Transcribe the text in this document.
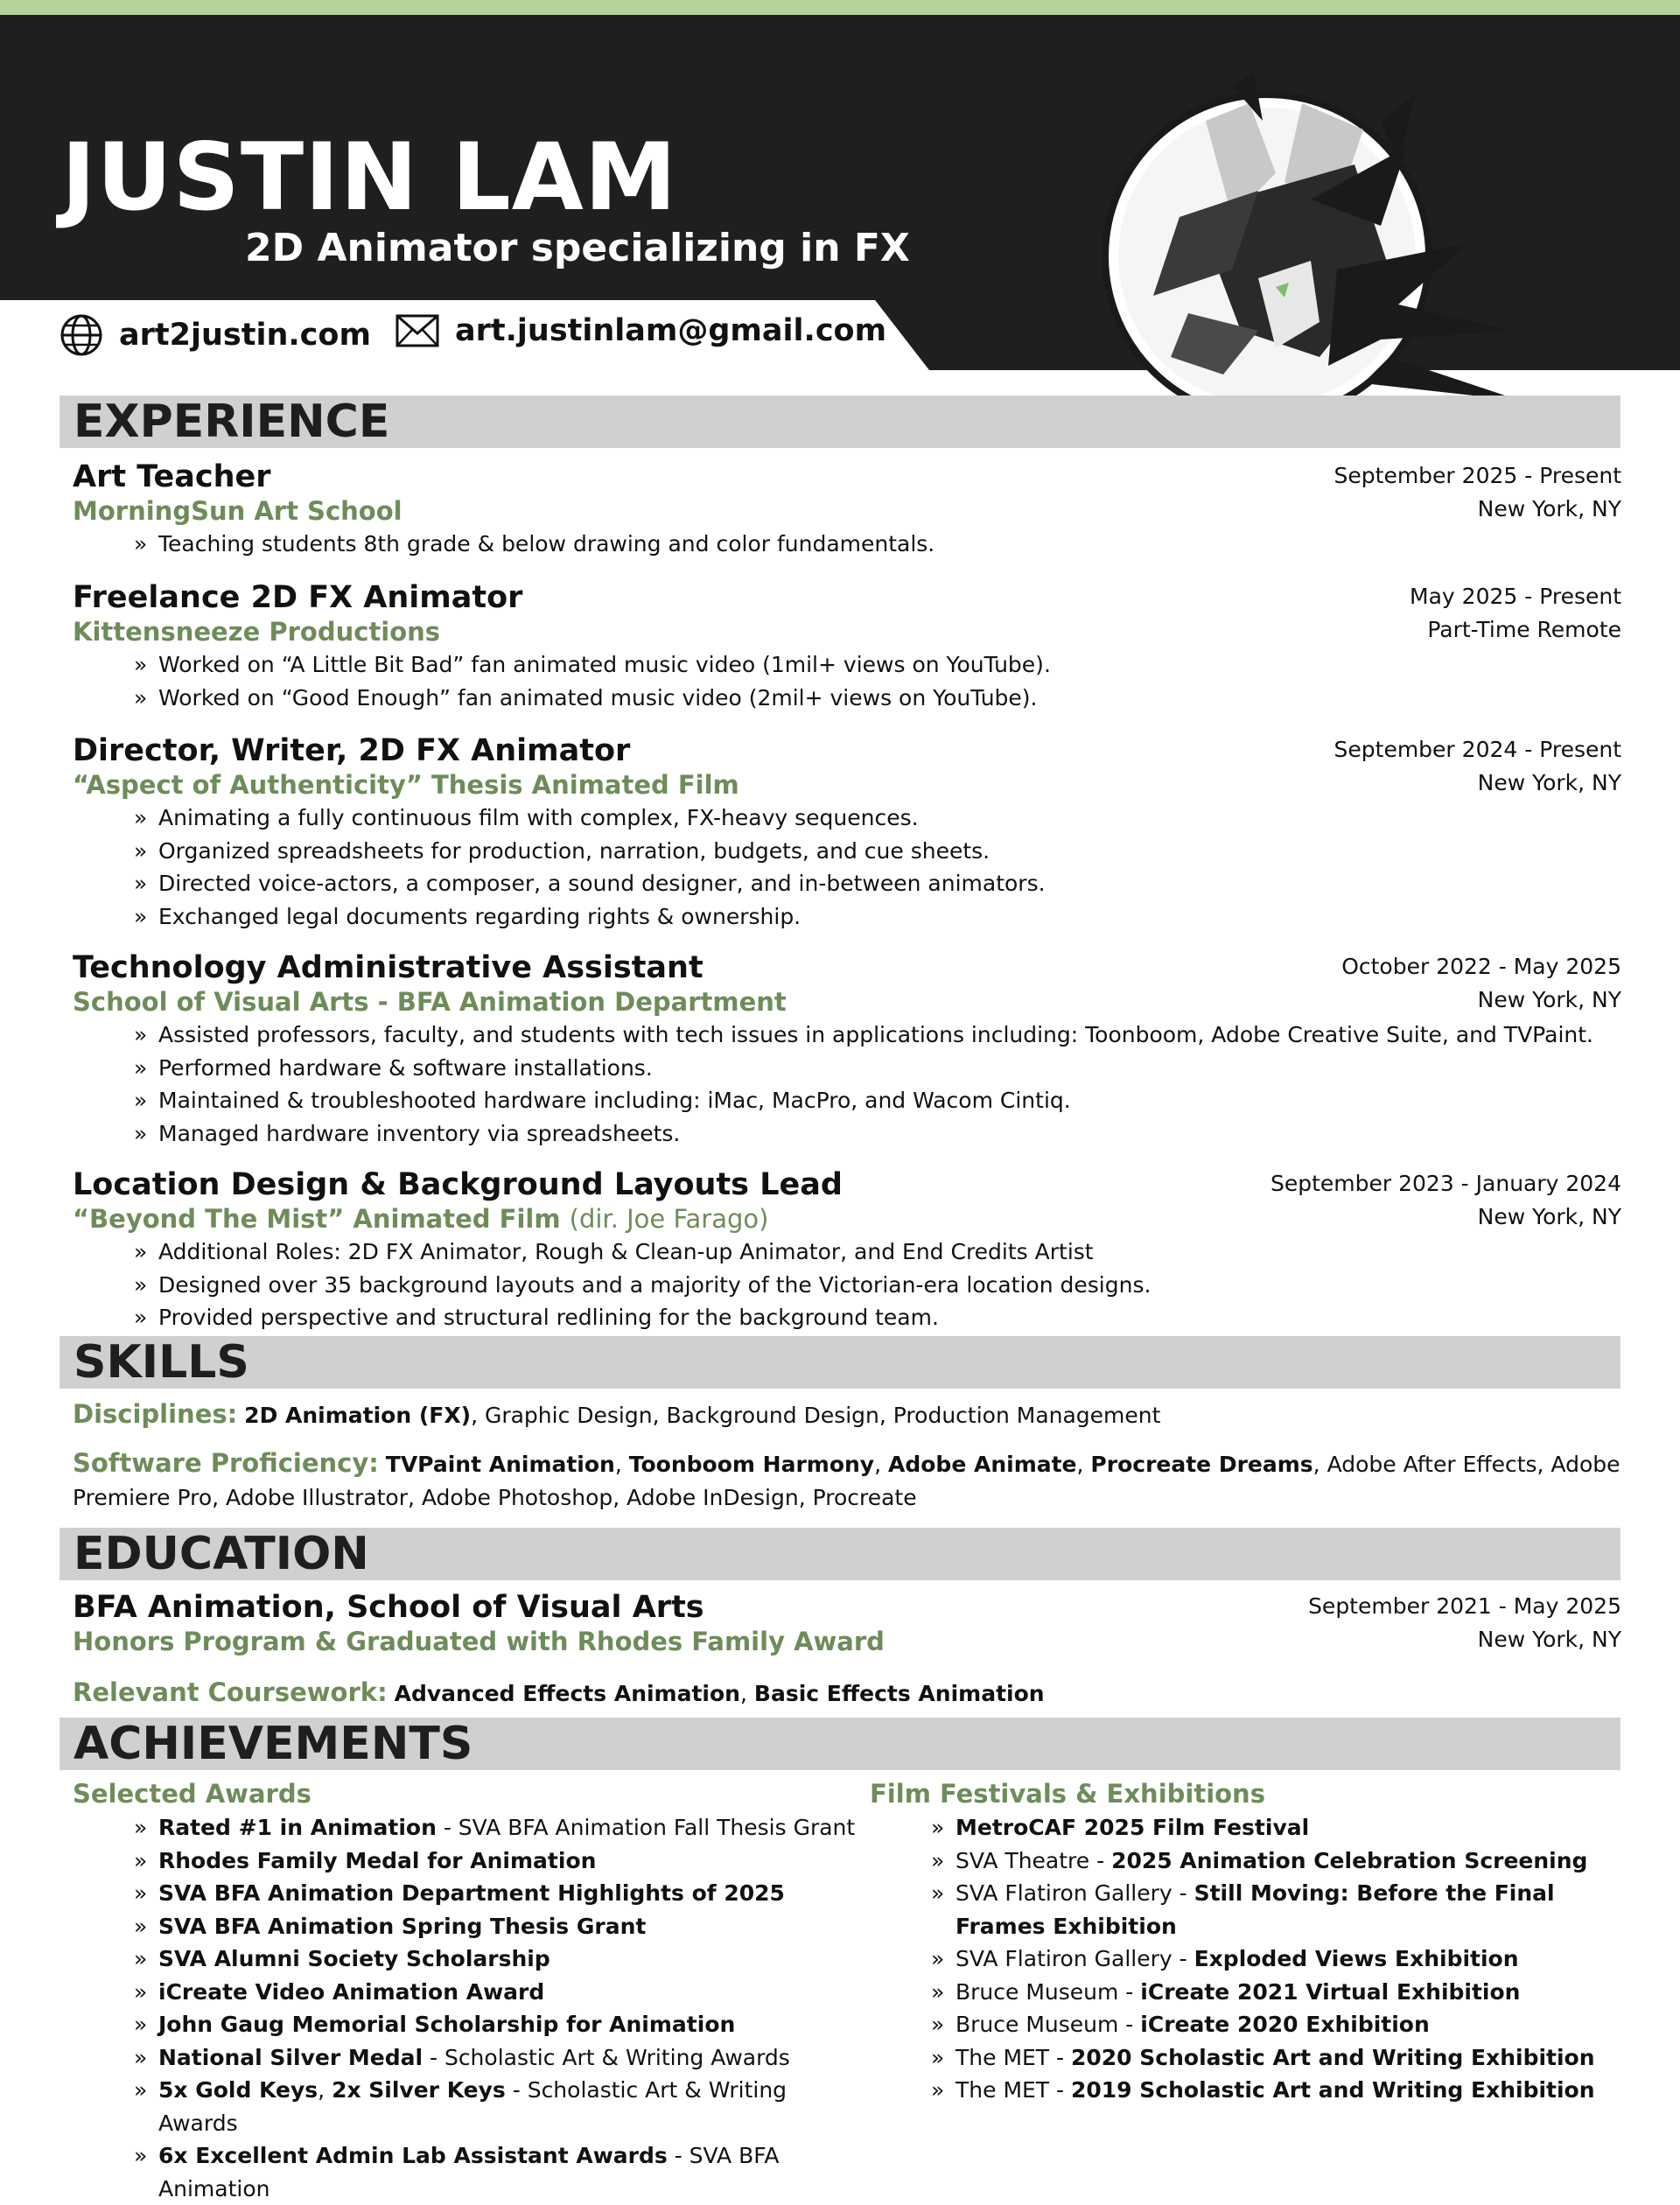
JUSTIN LAM
2D Animator specializing in FX
art2justin.com	art.justinlam@gmail.com
EXPERIENCE
Art Teacher
MorningSun Art School
September 2025 - Present
New York, NY
» Teaching students 8th grade & below drawing and color fundamentals.
Freelance 2D FX Animator
Kittensneeze Productions
May 2025 - Present
Part-Time Remote
» Worked on “A Little Bit Bad” fan animated music video (1mil+ views on YouTube).
» Worked on “Good Enough” fan animated music video (2mil+ views on YouTube).
Director, Writer, 2D FX Animator
“Aspect of Authenticity” Thesis Animated Film
September 2024 - Present
New York, NY
» Animating a fully continuous film with complex, FX-heavy sequences.
» Organized spreadsheets for production, narration, budgets, and cue sheets.
» Directed voice-actors, a composer, a sound designer, and in-between animators.
» Exchanged legal documents regarding rights & ownership.
Technology Administrative Assistant
School of Visual Arts - BFA Animation Department
October 2022 - May 2025
New York, NY
» Assisted professors, faculty, and students with tech issues in applications including: Toonboom, Adobe Creative Suite, and TVPaint.
» Performed hardware & software installations.
» Maintained & troubleshooted hardware including: iMac, MacPro, and Wacom Cintiq.
» Managed hardware inventory via spreadsheets.
Location Design & Background Layouts Lead
“Beyond The Mist” Animated Film (dir. Joe Farago)
September 2023 - January 2024
New York, NY
» Additional Roles: 2D FX Animator, Rough & Clean-up Animator, and End Credits Artist
» Designed over 35 background layouts and a majority of the Victorian-era location designs.
» Provided perspective and structural redlining for the background team.
SKILLS
Disciplines: 2D Animation (FX), Graphic Design, Background Design, Production Management
Software Proficiency: TVPaint Animation, Toonboom Harmony, Adobe Animate, Procreate Dreams, Adobe After Effects, Adobe Premiere Pro, Adobe Illustrator, Adobe Photoshop, Adobe InDesign, Procreate
EDUCATION
BFA Animation, School of Visual Arts
Honors Program & Graduated with Rhodes Family Award
September 2021 - May 2025
New York, NY
Relevant Coursework: Advanced Effects Animation, Basic Effects Animation
ACHIEVEMENTS
Selected Awards
» Rated #1 in Animation - SVA BFA Animation Fall Thesis Grant
» Rhodes Family Medal for Animation
» SVA BFA Animation Department Highlights of 2025
» SVA BFA Animation Spring Thesis Grant
» SVA Alumni Society Scholarship
» iCreate Video Animation Award
» John Gaug Memorial Scholarship for Animation
» National Silver Medal - Scholastic Art & Writing Awards
» 5x Gold Keys, 2x Silver Keys - Scholastic Art & Writing Awards
» 6x Excellent Admin Lab Assistant Awards - SVA BFA Animation
Film Festivals & Exhibitions
» MetroCAF 2025 Film Festival
» SVA Theatre - 2025 Animation Celebration Screening
» SVA Flatiron Gallery - Still Moving: Before the Final Frames Exhibition
» SVA Flatiron Gallery - Exploded Views Exhibition
» Bruce Museum - iCreate 2021 Virtual Exhibition
» Bruce Museum - iCreate 2020 Exhibition
» The MET - 2020 Scholastic Art and Writing Exhibition
» The MET - 2019 Scholastic Art and Writing Exhibition
